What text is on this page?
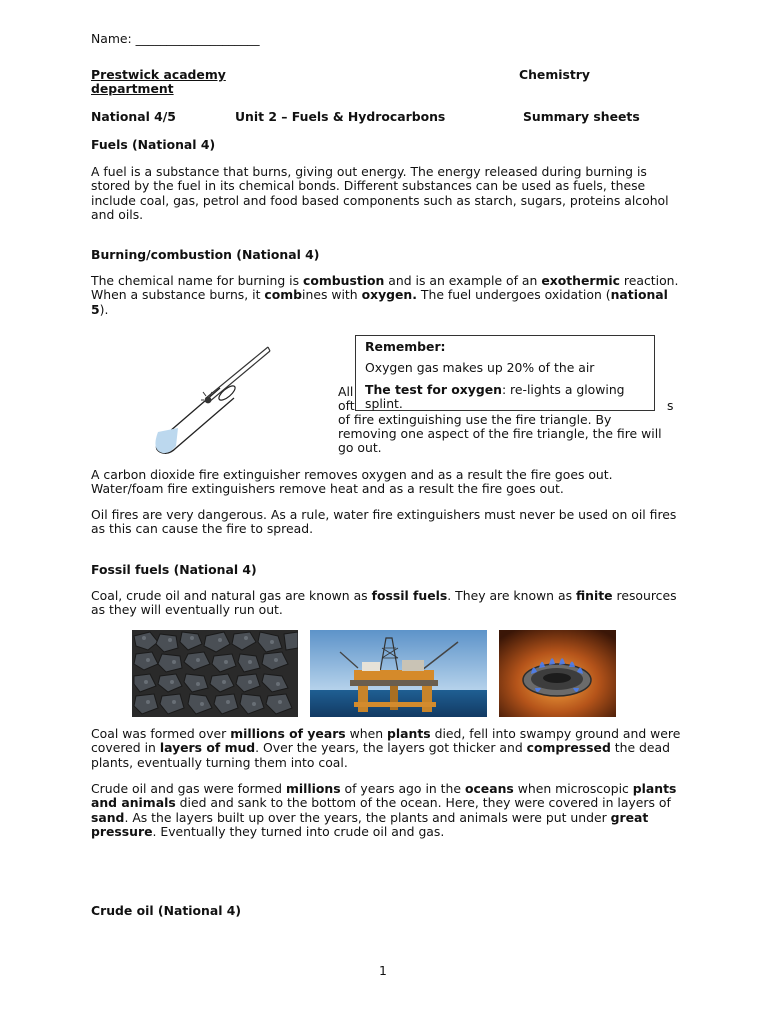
Name: ____________________

Prestwick academy
	Chemistry
department
National 4/5	Unit 2 – Fuels & Hydrocarbons	Summary sheets

Fuels (National 4)

A fuel is a substance that burns, giving out energy. The energy released during burning is stored by the fuel in its chemical bonds. Different substances can be used as fuels, these include coal, gas, petrol and food based components such as starch, sugars, proteins alcohol and oils.

Burning/combustion (National 4)

The chemical name for burning is combustion and is an example of an exothermic reaction. When a substance burns, it combines with oxygen. The fuel undergoes oxidation (national 5).

All

oft	s

of fire extinguishing use the fire triangle. By

removing one aspect of the fire triangle, the fire will

go out.

Remember:

Oxygen gas makes up 20% of the air

The test for oxygen: re-lights a glowing splint.

A carbon dioxide fire extinguisher removes oxygen and as a result the fire goes out. Water/foam fire extinguishers remove heat and as a result the fire goes out.

Oil fires are very dangerous. As a rule, water fire extinguishers must never be used on oil fires as this can cause the fire to spread.

Fossil fuels (National 4)

Coal, crude oil and natural gas are known as fossil fuels. They are known as finite resources as they will eventually run out.

Coal was formed over millions of years when plants died, fell into swampy ground and were covered in layers of mud. Over the years, the layers got thicker and compressed the dead plants, eventually turning them into coal.

Crude oil and gas were formed millions of years ago in the oceans when microscopic plants and animals died and sank to the bottom of the ocean. Here, they were covered in layers of sand. As the layers built up over the years, the plants and animals were put under great pressure. Eventually they turned into crude oil and gas.

Crude oil (National 4)

1
